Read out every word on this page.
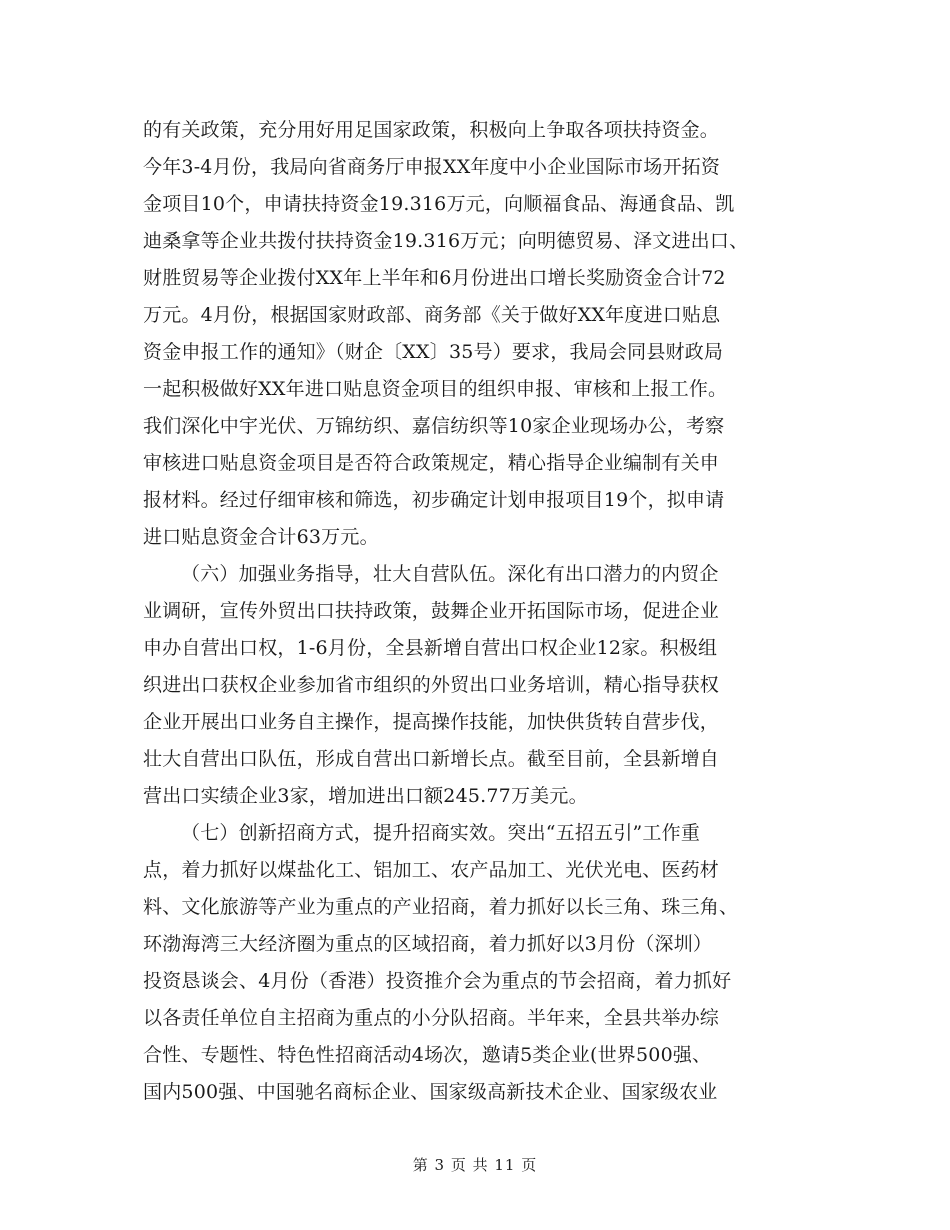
的有关政策，充分用好用足国家政策，积极向上争取各项扶持资金。
今年3-4月份，我局向省商务厅申报XX年度中小企业国际市场开拓资
金项目10个，申请扶持资金19.316万元，向顺福食品、海通食品、凯
迪桑拿等企业共拨付扶持资金19.316万元；向明德贸易、泽文进出口、
财胜贸易等企业拨付XX年上半年和6月份进出口增长奖励资金合计72
万元。4月份，根据国家财政部、商务部《关于做好XX年度进口贴息
资金申报工作的通知》（财企〔XX〕35号）要求，我局会同县财政局
一起积极做好XX年进口贴息资金项目的组织申报、审核和上报工作。
我们深化中宇光伏、万锦纺织、嘉信纺织等10家企业现场办公，考察
审核进口贴息资金项目是否符合政策规定，精心指导企业编制有关申
报材料。经过仔细审核和筛选，初步确定计划申报项目19个，拟申请
进口贴息资金合计63万元。
（六）加强业务指导，壮大自营队伍。深化有出口潜力的内贸企
业调研，宣传外贸出口扶持政策，鼓舞企业开拓国际市场，促进企业
申办自营出口权，1-6月份，全县新增自营出口权企业12家。积极组
织进出口获权企业参加省市组织的外贸出口业务培训，精心指导获权
企业开展出口业务自主操作，提高操作技能，加快供货转自营步伐，
壮大自营出口队伍，形成自营出口新增长点。截至目前，全县新增自
营出口实绩企业3家，增加进出口额245.77万美元。
（七）创新招商方式，提升招商实效。突出“五招五引”工作重
点，着力抓好以煤盐化工、铝加工、农产品加工、光伏光电、医药材
料、文化旅游等产业为重点的产业招商，着力抓好以长三角、珠三角、
环渤海湾三大经济圈为重点的区域招商，着力抓好以3月份（深圳）
投资恳谈会、4月份（香港）投资推介会为重点的节会招商，着力抓好
以各责任单位自主招商为重点的小分队招商。半年来，全县共举办综
合性、专题性、特色性招商活动4场次，邀请5类企业(世界500强、
国内500强、中国驰名商标企业、国家级高新技术企业、国家级农业
第 3 页 共 11 页
